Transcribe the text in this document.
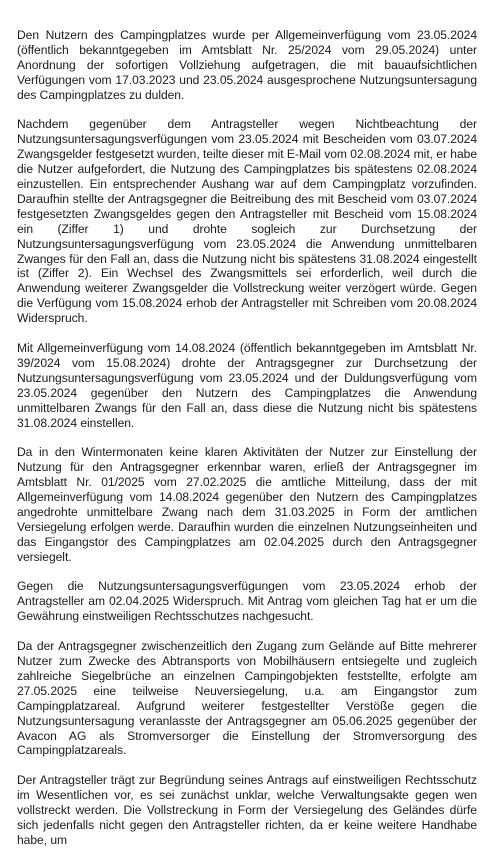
Den Nutzern des Campingplatzes wurde per Allgemeinverfügung vom 23.05.2024 (öffentlich bekanntgegeben im Amtsblatt Nr. 25/2024 vom 29.05.2024) unter Anordnung der sofortigen Vollziehung aufgetragen, die mit bauaufsichtlichen Verfügungen vom 17.03.2023 und 23.05.2024 ausgesprochene Nutzungsuntersagung des Campingplatzes zu dulden.

Nachdem gegenüber dem Antragsteller wegen Nichtbeachtung der Nutzungsuntersagungsverfügungen vom 23.05.2024 mit Bescheiden vom 03.07.2024 Zwangsgelder festgesetzt wurden, teilte dieser mit E-Mail vom 02.08.2024 mit, er habe die Nutzer aufgefordert, die Nutzung des Campingplatzes bis spätestens 02.08.2024 einzustellen. Ein entsprechender Aushang war auf dem Campingplatz vorzufinden. Daraufhin stellte der Antragsgegner die Beitreibung des mit Bescheid vom 03.07.2024 festgesetzten Zwangsgeldes gegen den Antragsteller mit Bescheid vom 15.08.2024 ein (Ziffer 1) und drohte sogleich zur Durchsetzung der Nutzungsuntersagungsverfügung vom 23.05.2024 die Anwendung unmittelbaren Zwanges für den Fall an, dass die Nutzung nicht bis spätestens 31.08.2024 eingestellt ist (Ziffer 2). Ein Wechsel des Zwangsmittels sei erforderlich, weil durch die Anwendung weiterer Zwangsgelder die Vollstreckung weiter verzögert würde. Gegen die Verfügung vom 15.08.2024 erhob der Antragsteller mit Schreiben vom 20.08.2024 Widerspruch.

Mit Allgemeinverfügung vom 14.08.2024 (öffentlich bekanntgegeben im Amtsblatt Nr. 39/2024 vom 15.08.2024) drohte der Antragsgegner zur Durchsetzung der Nutzungsuntersagungsverfügung vom 23.05.2024 und der Duldungsverfügung vom 23.05.2024 gegenüber den Nutzern des Campingplatzes die Anwendung unmittelbaren Zwangs für den Fall an, dass diese die Nutzung nicht bis spätestens 31.08.2024 einstellen.

Da in den Wintermonaten keine klaren Aktivitäten der Nutzer zur Einstellung der Nutzung für den Antragsgegner erkennbar waren, erließ der Antragsgegner im Amtsblatt Nr. 01/2025 vom 27.02.2025 die amtliche Mitteilung, dass der mit Allgemeinverfügung vom 14.08.2024 gegenüber den Nutzern des Campingplatzes angedrohte unmittelbare Zwang nach dem 31.03.2025 in Form der amtlichen Versiegelung erfolgen werde. Daraufhin wurden die einzelnen Nutzungseinheiten und das Eingangstor des Campingplatzes am 02.04.2025 durch den Antragsgegner versiegelt.

Gegen die Nutzungsuntersagungsverfügungen vom 23.05.2024 erhob der Antragsteller am 02.04.2025 Widerspruch. Mit Antrag vom gleichen Tag hat er um die Gewährung einstweiligen Rechtsschutzes nachgesucht.

Da der Antragsgegner zwischenzeitlich den Zugang zum Gelände auf Bitte mehrerer Nutzer zum Zwecke des Abtransports von Mobilhäusern entsiegelte und zugleich zahlreiche Siegelbrüche an einzelnen Campingobjekten feststellte, erfolgte am 27.05.2025 eine teilweise Neuversiegelung, u.a. am Eingangstor zum Campingplatzareal. Aufgrund weiterer festgestellter Verstöße gegen die Nutzungsuntersagung veranlasste der Antragsgegner am 05.06.2025 gegenüber der Avacon AG als Stromversorger die Einstellung der Stromversorgung des Campingplatzareals.

Der Antragsteller trägt zur Begründung seines Antrags auf einstweiligen Rechtsschutz im Wesentlichen vor, es sei zunächst unklar, welche Verwaltungsakte gegen wen vollstreckt werden. Die Vollstreckung in Form der Versiegelung des Geländes dürfe sich jedenfalls nicht gegen den Antragsteller richten, da er keine weitere Handhabe habe, um
